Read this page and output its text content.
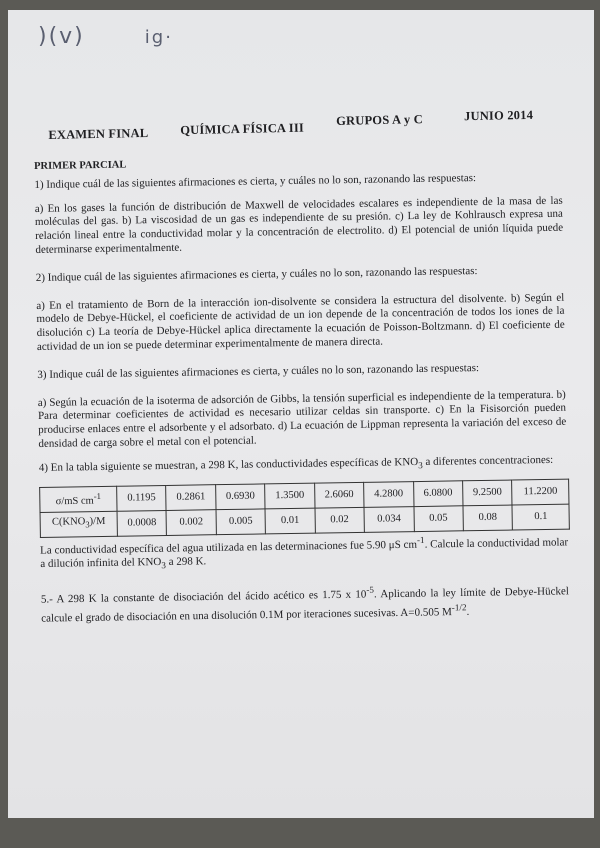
)(v)	ig·
EXAMEN FINAL	QUÍMICA FÍSICA III
GRUPOS A y C	JUNIO 2014
PRIMER PARCIAL

1) Indique cuál de las siguientes afirmaciones es cierta, y cuáles no lo son, razonando las respuestas:

a) En los gases la función de distribución de Maxwell de velocidades escalares es independiente de la masa de las moléculas del gas. b) La viscosidad de un gas es independiente de su presión. c) La ley de Kohlrausch expresa una relación lineal entre la conductividad molar y la concentración de electrolito. d) El potencial de unión líquida puede determinarse experimentalmente.

2) Indique cuál de las siguientes afirmaciones es cierta, y cuáles no lo son, razonando las respuestas:

a) En el tratamiento de Born de la interacción ion-disolvente se considera la estructura del disolvente. b) Según el modelo de Debye-Hückel, el coeficiente de actividad de un ion depende de la concentración de todos los iones de la disolución c) La teoría de Debye-Hückel aplica directamente la ecuación de Poisson-Boltzmann. d) El coeficiente de actividad de un ion se puede determinar experimentalmente de manera directa.

3) Indique cuál de las siguientes afirmaciones es cierta, y cuáles no lo son, razonando las respuestas:

a) Según la ecuación de la isoterma de adsorción de Gibbs, la tensión superficial es independiente de la temperatura. b) Para determinar coeficientes de actividad es necesario utilizar celdas sin transporte. c) En la Fisisorción pueden producirse enlaces entre el adsorbente y el adsorbato. d) La ecuación de Lippman representa la variación del exceso de densidad de carga sobre el metal con el potencial.

4) En la tabla siguiente se muestran, a 298 K, las conductividades específicas de $KNO_3$ a diferentes concentraciones:

σ/mS $cm^{-1}$	0.1195	0.2861	0.6930	1.3500	2.6060	4.2800	6.0800	9.2500	11.2200
$C(KNO_3)/M$	0.0008	0.002	0.005	0.01	0.02	0.034	0.05	0.08	0.1

La conductividad específica del agua utilizada en las determinaciones fue 5.90 μS $cm^{-1}$. Calcule la conductividad molar a dilución infinita del $KNO_3$ a 298 K.

5.- A 298 K la constante de disociación del ácido acético es 1.75 x $10^{-5}$. Aplicando la ley límite de Debye-Hückel calcule el grado de disociación en una disolución 0.1M por iteraciones sucesivas. A=0.505 $M^{-1/2}$.
